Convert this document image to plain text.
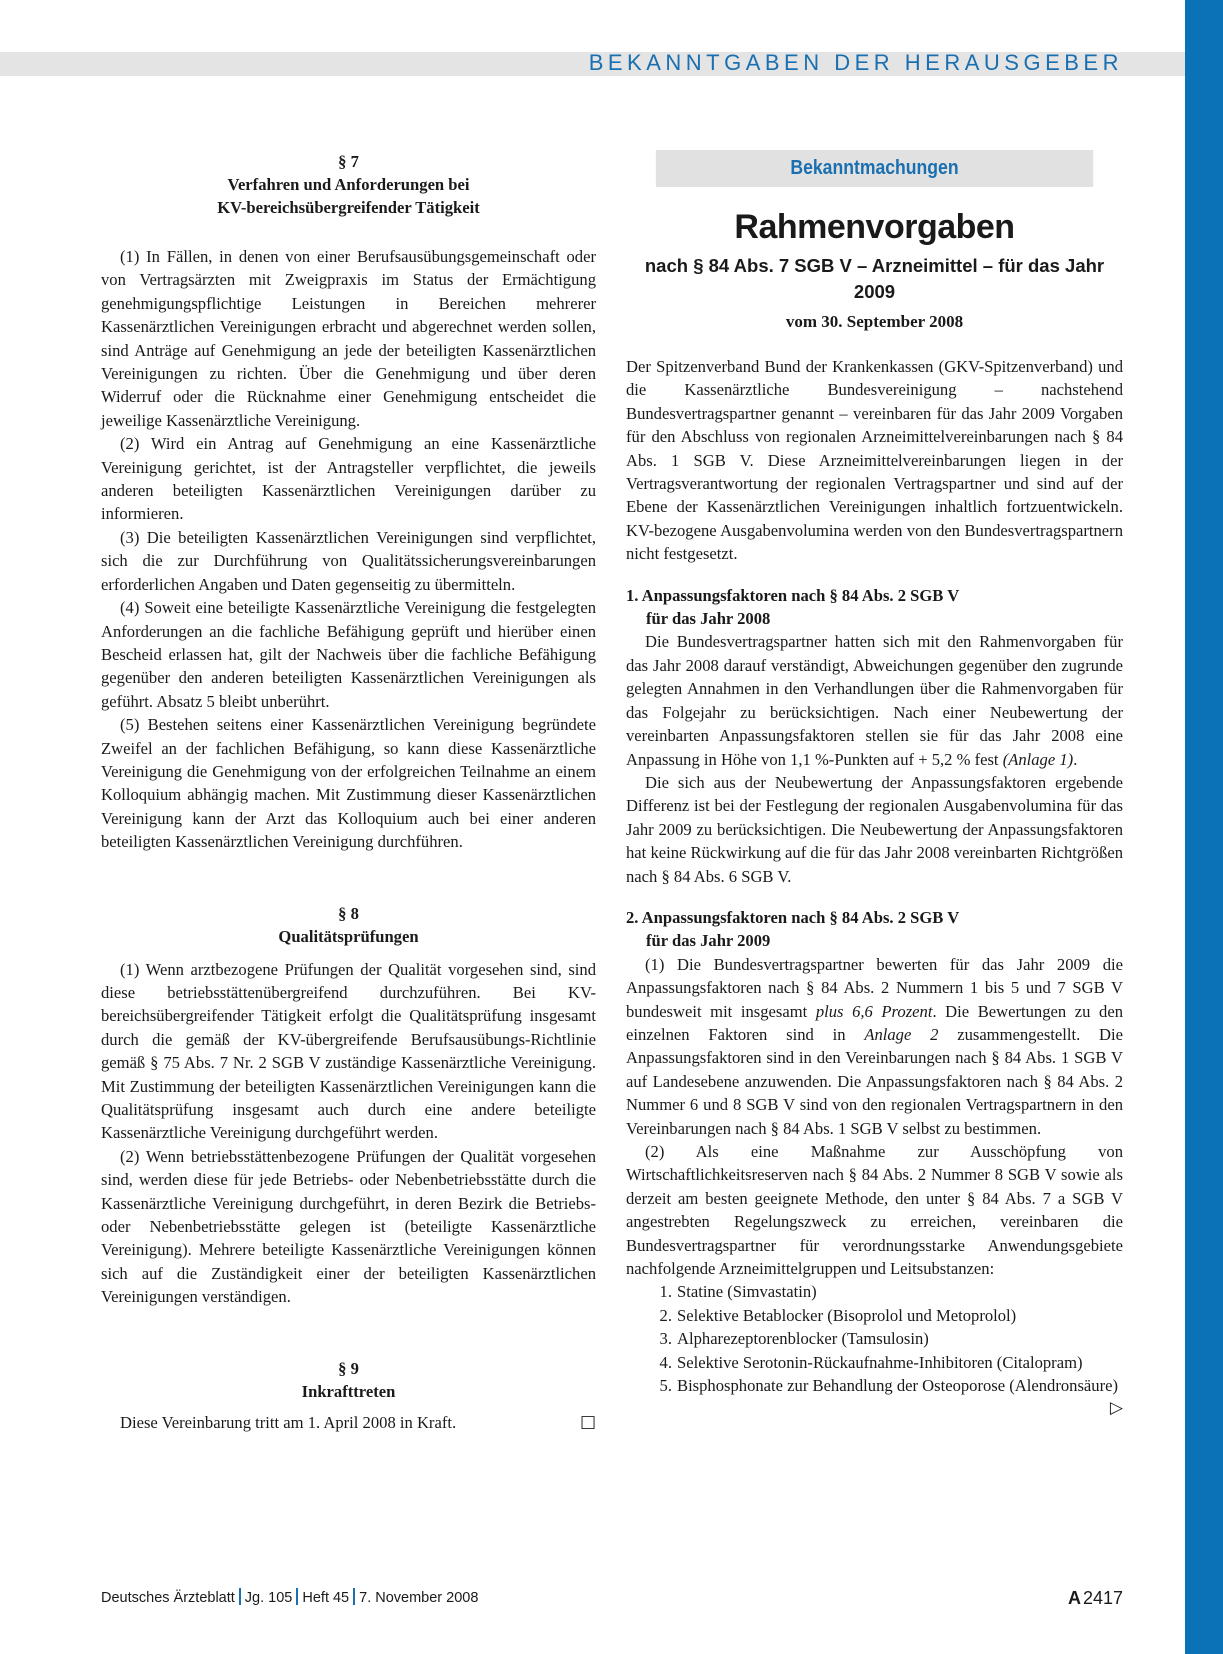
BEKANNTGABEN DER HERAUSGEBER
§ 7
Verfahren und Anforderungen bei
KV-bereichsübergreifender Tätigkeit

(1) In Fällen, in denen von einer Berufsausübungsgemeinschaft oder von Vertragsärzten mit Zweigpraxis im Status der Ermächtigung genehmigungspflichtige Leistungen in Bereichen mehrerer Kassenärztlichen Vereinigungen erbracht und abgerechnet werden sollen, sind Anträge auf Genehmigung an jede der beteiligten Kassenärztlichen Vereinigungen zu richten. Über die Genehmigung und über deren Widerruf oder die Rücknahme einer Genehmigung entscheidet die jeweilige Kassenärztliche Vereinigung.

(2) Wird ein Antrag auf Genehmigung an eine Kassenärztliche Vereinigung gerichtet, ist der Antragsteller verpflichtet, die jeweils anderen beteiligten Kassenärztlichen Vereinigungen darüber zu informieren.

(3) Die beteiligten Kassenärztlichen Vereinigungen sind verpflichtet, sich die zur Durchführung von Qualitätssicherungsvereinbarungen erforderlichen Angaben und Daten gegenseitig zu übermitteln.

(4) Soweit eine beteiligte Kassenärztliche Vereinigung die festgelegten Anforderungen an die fachliche Befähigung geprüft und hierüber einen Bescheid erlassen hat, gilt der Nachweis über die fachliche Befähigung gegenüber den anderen beteiligten Kassenärztlichen Vereinigungen als geführt. Absatz 5 bleibt unberührt.

(5) Bestehen seitens einer Kassenärztlichen Vereinigung begründete Zweifel an der fachlichen Befähigung, so kann diese Kassenärztliche Vereinigung die Genehmigung von der erfolgreichen Teilnahme an einem Kolloquium abhängig machen. Mit Zustimmung dieser Kassenärztlichen Vereinigung kann der Arzt das Kolloquium auch bei einer anderen beteiligten Kassenärztlichen Vereinigung durchführen.

§ 8
Qualitätsprüfungen

(1) Wenn arztbezogene Prüfungen der Qualität vorgesehen sind, sind diese betriebsstättenübergreifend durchzuführen. Bei KV-bereichsübergreifender Tätigkeit erfolgt die Qualitätsprüfung insgesamt durch die gemäß der KV-übergreifende Berufsausübungs-Richtlinie gemäß § 75 Abs. 7 Nr. 2 SGB V zuständige Kassenärztliche Vereinigung. Mit Zustimmung der beteiligten Kassenärztlichen Vereinigungen kann die Qualitätsprüfung insgesamt auch durch eine andere beteiligte Kassenärztliche Vereinigung durchgeführt werden.

(2) Wenn betriebsstättenbezogene Prüfungen der Qualität vorgesehen sind, werden diese für jede Betriebs- oder Nebenbetriebsstätte durch die Kassenärztliche Vereinigung durchgeführt, in deren Bezirk die Betriebs- oder Nebenbetriebsstätte gelegen ist (beteiligte Kassenärztliche Vereinigung). Mehrere beteiligte Kassenärztliche Vereinigungen können sich auf die Zuständigkeit einer der beteiligten Kassenärztlichen Vereinigungen verständigen.

§ 9
Inkrafttreten

□
Diese Vereinbarung tritt am 1. April 2008 in Kraft.

Bekanntmachungen
Rahmenvorgaben
nach § 84 Abs. 7 SGB V – Arzneimittel – für das Jahr 2009
vom 30. September 2008

Der Spitzenverband Bund der Krankenkassen (GKV-Spitzenverband) und die Kassenärztliche Bundesvereinigung – nachstehend Bundesvertragspartner genannt – vereinbaren für das Jahr 2009 Vorgaben für den Abschluss von regionalen Arzneimittelvereinbarungen nach § 84 Abs. 1 SGB V. Diese Arzneimittelvereinbarungen liegen in der Vertragsverantwortung der regionalen Vertragspartner und sind auf der Ebene der Kassenärztlichen Vereinigungen inhaltlich fortzuentwickeln. KV-bezogene Ausgabenvolumina werden von den Bundesvertragspartnern nicht festgesetzt.

1. Anpassungsfaktoren nach § 84 Abs. 2 SGB V
für das Jahr 2008

Die Bundesvertragspartner hatten sich mit den Rahmenvorgaben für das Jahr 2008 darauf verständigt, Abweichungen gegenüber den zugrunde gelegten Annahmen in den Verhandlungen über die Rahmenvorgaben für das Folgejahr zu berücksichtigen. Nach einer Neubewertung der vereinbarten Anpassungsfaktoren stellen sie für das Jahr 2008 eine Anpassung in Höhe von 1,1 %-Punkten auf + 5,2 % fest (Anlage 1).

Die sich aus der Neubewertung der Anpassungsfaktoren ergebende Differenz ist bei der Festlegung der regionalen Ausgabenvolumina für das Jahr 2009 zu berücksichtigen. Die Neubewertung der Anpassungsfaktoren hat keine Rückwirkung auf die für das Jahr 2008 vereinbarten Richtgrößen nach § 84 Abs. 6 SGB V.

2. Anpassungsfaktoren nach § 84 Abs. 2 SGB V
für das Jahr 2009

(1) Die Bundesvertragspartner bewerten für das Jahr 2009 die Anpassungsfaktoren nach § 84 Abs. 2 Nummern 1 bis 5 und 7 SGB V bundesweit mit insgesamt plus 6,6 Prozent. Die Bewertungen zu den einzelnen Faktoren sind in Anlage 2 zusammengestellt. Die Anpassungsfaktoren sind in den Vereinbarungen nach § 84 Abs. 1 SGB V auf Landesebene anzuwenden. Die Anpassungsfaktoren nach § 84 Abs. 2 Nummer 6 und 8 SGB V sind von den regionalen Vertragspartnern in den Vereinbarungen nach § 84 Abs. 1 SGB V selbst zu bestimmen.

(2) Als eine Maßnahme zur Ausschöpfung von Wirtschaftlichkeitsreserven nach § 84 Abs. 2 Nummer 8 SGB V sowie als derzeit am besten geeignete Methode, den unter § 84 Abs. 7 a SGB V angestrebten Regelungszweck zu erreichen, vereinbaren die Bundesvertragspartner für verordnungsstarke Anwendungsgebiete nachfolgende Arzneimittelgruppen und Leitsubstanzen:

1. Statine (Simvastatin)
2. Selektive Betablocker (Bisoprolol und Metoprolol)
3. Alpharezeptorenblocker (Tamsulosin)
4. Selektive Serotonin-Rückaufnahme-Inhibitoren (Citalopram)
5. Bisphosphonate zur Behandlung der Osteoporose (Alendronsäure)
▷
Deutsches Ärzteblatt Jg. 105 Heft 45 7. November 2008	A 2417
